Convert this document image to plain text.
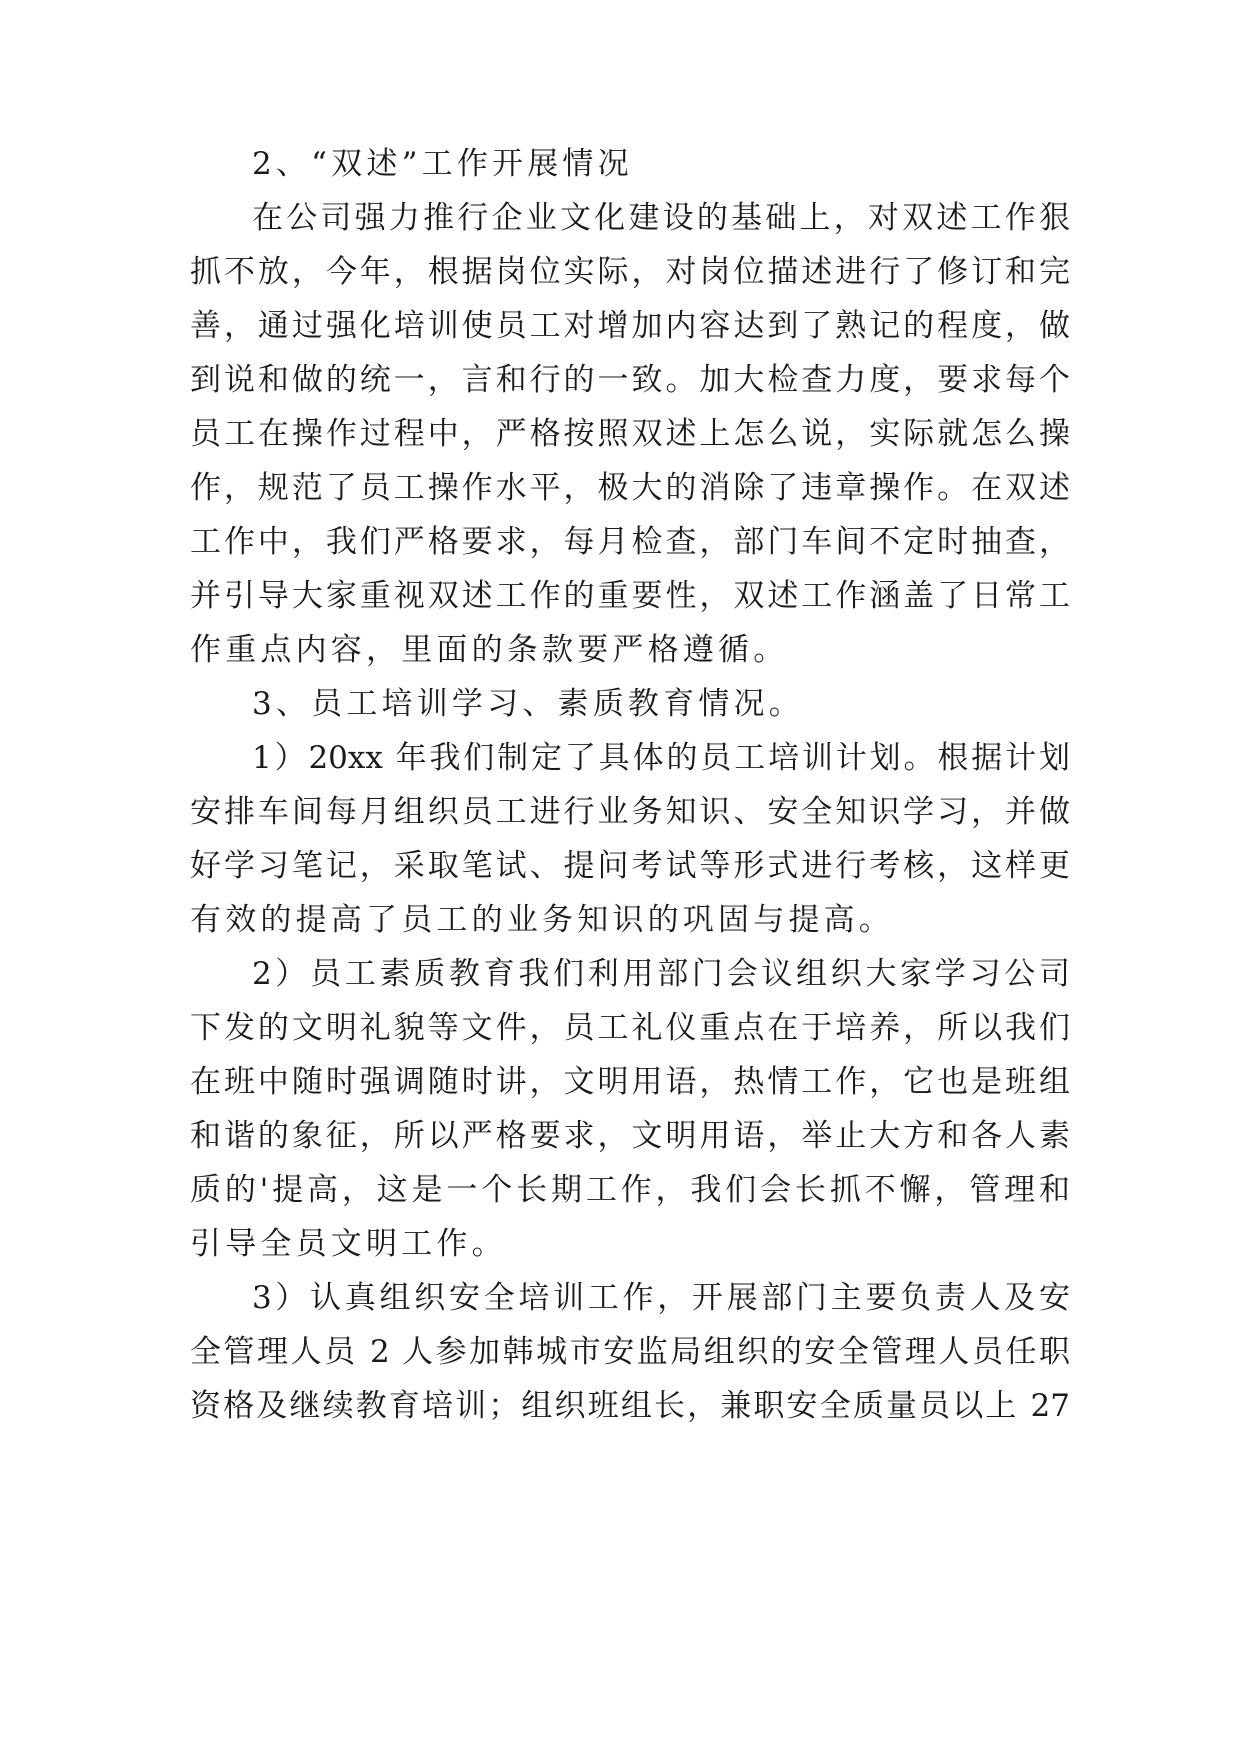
2、“双述”工作开展情况
在公司强力推行企业文化建设的基础上，对双述工作狠
抓不放，今年，根据岗位实际，对岗位描述进行了修订和完
善，通过强化培训使员工对增加内容达到了熟记的程度，做
到说和做的统一，言和行的一致。加大检查力度，要求每个
员工在操作过程中，严格按照双述上怎么说，实际就怎么操
作，规范了员工操作水平，极大的消除了违章操作。在双述
工作中，我们严格要求，每月检查，部门车间不定时抽查，
并引导大家重视双述工作的重要性，双述工作涵盖了日常工
作重点内容，里面的条款要严格遵循。
3、员工培训学习、素质教育情况。
1）20xx 年我们制定了具体的员工培训计划。根据计划
安排车间每月组织员工进行业务知识、安全知识学习，并做
好学习笔记，采取笔试、提问考试等形式进行考核，这样更
有效的提高了员工的业务知识的巩固与提高。
2）员工素质教育我们利用部门会议组织大家学习公司
下发的文明礼貌等文件，员工礼仪重点在于培养，所以我们
在班中随时强调随时讲，文明用语，热情工作，它也是班组
和谐的象征，所以严格要求，文明用语，举止大方和各人素
质的'提高，这是一个长期工作，我们会长抓不懈，管理和
引导全员文明工作。
3）认真组织安全培训工作，开展部门主要负责人及安
全管理人员 2 人参加韩城市安监局组织的安全管理人员任职
资格及继续教育培训；组织班组长，兼职安全质量员以上 27
